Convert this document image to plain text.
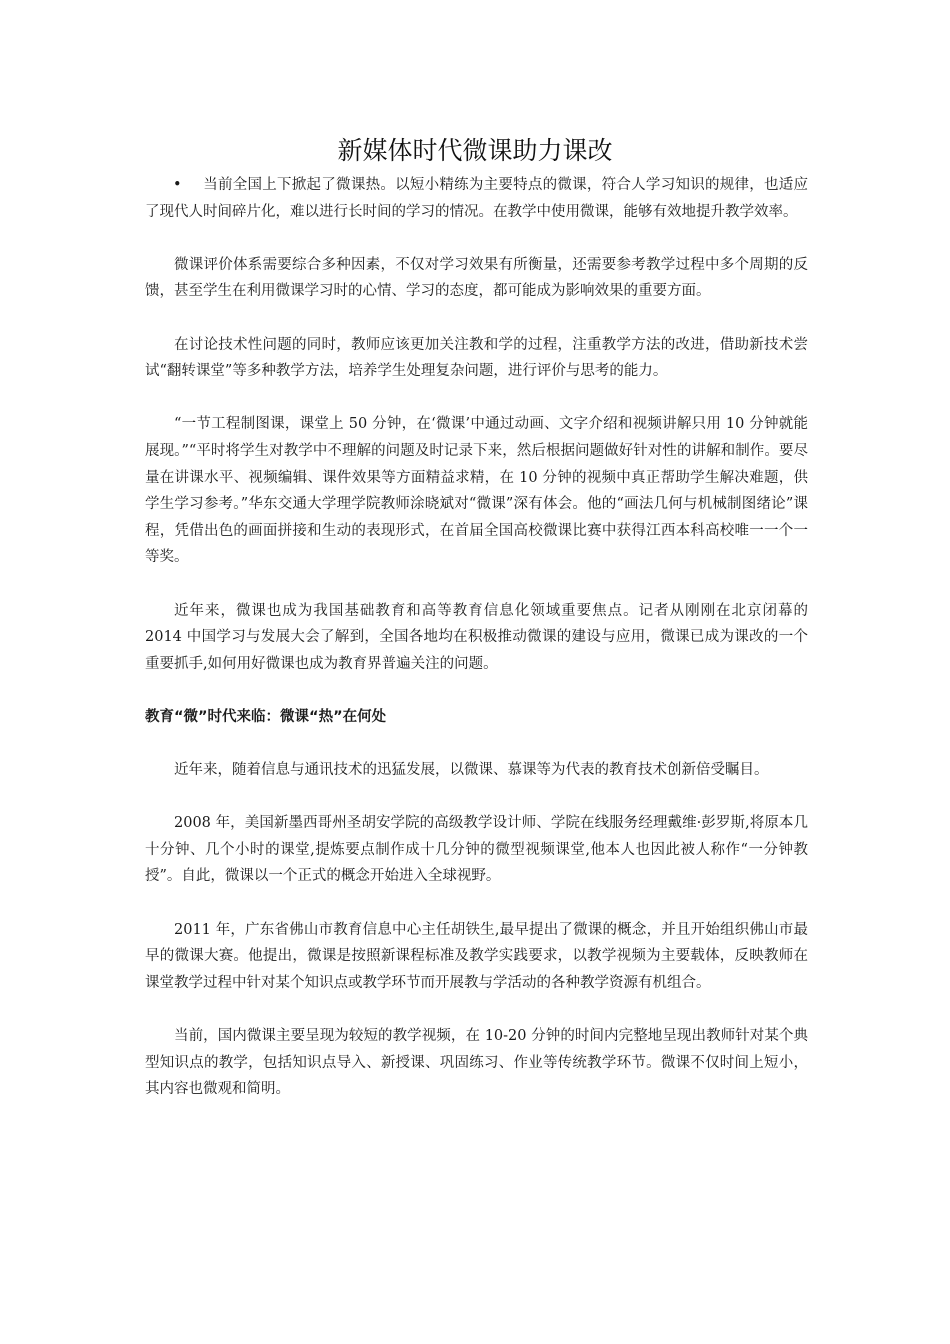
新媒体时代微课助力课改

• 当前全国上下掀起了微课热。以短小精练为主要特点的微课，符合人学习知识的规律，也适应了现代人时间碎片化，难以进行长时间的学习的情况。在教学中使用微课，能够有效地提升教学效率。

微课评价体系需要综合多种因素，不仅对学习效果有所衡量，还需要参考教学过程中多个周期的反馈，甚至学生在利用微课学习时的心情、学习的态度，都可能成为影响效果的重要方面。

在讨论技术性问题的同时，教师应该更加关注教和学的过程，注重教学方法的改进，借助新技术尝试“翻转课堂”等多种教学方法，培养学生处理复杂问题，进行评价与思考的能力。

“一节工程制图课，课堂上 50 分钟，在‘微课’中通过动画、文字介绍和视频讲解只用 10 分钟就能展现。”“平时将学生对教学中不理解的问题及时记录下来，然后根据问题做好针对性的讲解和制作。要尽量在讲课水平、视频编辑、课件效果等方面精益求精，在 10 分钟的视频中真正帮助学生解决难题，供学生学习参考。”华东交通大学理学院教师涂晓斌对“微课”深有体会。他的“画法几何与机械制图绪论”课程，凭借出色的画面拼接和生动的表现形式，在首届全国高校微课比赛中获得江西本科高校唯一一个一等奖。

近年来，微课也成为我国基础教育和高等教育信息化领域重要焦点。记者从刚刚在北京闭幕的 2014 中国学习与发展大会了解到，全国各地均在积极推动微课的建设与应用，微课已成为课改的一个重要抓手,如何用好微课也成为教育界普遍关注的问题。

教育“微”时代来临：微课“热”在何处

近年来，随着信息与通讯技术的迅猛发展，以微课、慕课等为代表的教育技术创新倍受瞩目。

2008 年，美国新墨西哥州圣胡安学院的高级教学设计师、学院在线服务经理戴维·彭罗斯,将原本几十分钟、几个小时的课堂,提炼要点制作成十几分钟的微型视频课堂,他本人也因此被人称作“一分钟教授”。自此，微课以一个正式的概念开始进入全球视野。

2011 年，广东省佛山市教育信息中心主任胡铁生,最早提出了微课的概念，并且开始组织佛山市最早的微课大赛。他提出，微课是按照新课程标准及教学实践要求，以教学视频为主要载体，反映教师在课堂教学过程中针对某个知识点或教学环节而开展教与学活动的各种教学资源有机组合。

当前，国内微课主要呈现为较短的教学视频，在 10-20 分钟的时间内完整地呈现出教师针对某个典型知识点的教学，包括知识点导入、新授课、巩固练习、作业等传统教学环节。微课不仅时间上短小，其内容也微观和简明。
